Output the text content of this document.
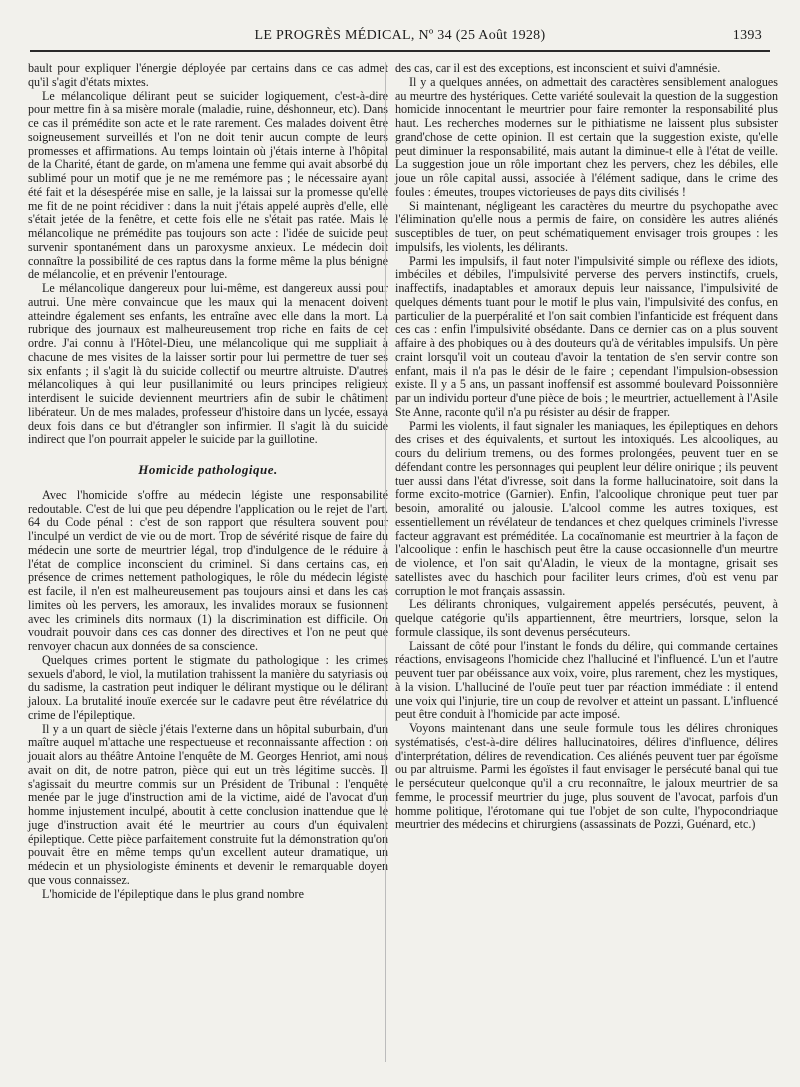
LE PROGRÈS MÉDICAL, Nº 34 (25 Août 1928)	1393

bault pour expliquer l'énergie déployée par certains dans ce cas admet qu'il s'agit d'états mixtes.

Le mélancolique délirant peut se suicider logiquement, c'est-à-dire pour mettre fin à sa misère morale (maladie, ruine, déshonneur, etc). Dans ce cas il prémédite son acte et le rate rarement. Ces malades doivent être soigneusement surveillés et l'on ne doit tenir aucun compte de leurs promesses et affirmations. Au temps lointain où j'étais interne à l'hôpital de la Charité, étant de garde, on m'amena une femme qui avait absorbé du sublimé pour un motif que je ne me remémore pas ; le nécessaire ayant été fait et la désespérée mise en salle, je la laissai sur la promesse qu'elle me fit de ne point récidiver : dans la nuit j'étais appelé auprès d'elle, elle s'était jetée de la fenêtre, et cette fois elle ne s'était pas ratée. Mais le mélancolique ne prémédite pas toujours son acte : l'idée de suicide peut survenir spontanément dans un paroxysme anxieux. Le médecin doit connaître la possibilité de ces raptus dans la forme même la plus bénigne de mélancolie, et en prévenir l'entourage.

Le mélancolique dangereux pour lui-même, est dangereux aussi pour autrui. Une mère convaincue que les maux qui la menacent doivent atteindre également ses enfants, les entraîne avec elle dans la mort. La rubrique des journaux est malheureusement trop riche en faits de cet ordre. J'ai connu à l'Hôtel-Dieu, une mélancolique qui me suppliait à chacune de mes visites de la laisser sortir pour lui permettre de tuer ses six enfants ; il s'agit là du suicide collectif ou meurtre altruiste. D'autres mélancoliques à qui leur pusillanimité ou leurs principes religieux interdisent le suicide deviennent meurtriers afin de subir le châtiment libérateur. Un de mes malades, professeur d'histoire dans un lycée, essaya deux fois dans ce but d'étrangler son infirmier. Il s'agit là du suicide indirect que l'on pourrait appeler le suicide par la guillotine.

Homicide pathologique.

Avec l'homicide s'offre au médecin légiste une responsabilité redoutable. C'est de lui que peu dépendre l'application ou le rejet de l'art. 64 du Code pénal : c'est de son rapport que résultera souvent pour l'inculpé un verdict de vie ou de mort. Trop de sévérité risque de faire du médecin une sorte de meurtrier légal, trop d'indulgence de le réduire à l'état de complice inconscient du criminel. Si dans certains cas, en présence de crimes nettement pathologiques, le rôle du médecin légiste est facile, il n'en est malheureusement pas toujours ainsi et dans les cas limites où les pervers, les amoraux, les invalides moraux se fusionnent avec les criminels dits normaux (1) la discrimination est difficile. On voudrait pouvoir dans ces cas donner des directives et l'on ne peut que renvoyer chacun aux données de sa conscience.

Quelques crimes portent le stigmate du pathologique : les crimes sexuels d'abord, le viol, la mutilation trahissent la manière du satyriasis ou du sadisme, la castration peut indiquer le délirant mystique ou le délirant jaloux. La brutalité inouïe exercée sur le cadavre peut être révélatrice du crime de l'épileptique.

Il y a un quart de siècle j'étais l'externe dans un hôpital suburbain, d'un maître auquel m'attache une respectueuse et reconnaissante affection : on jouait alors au théâtre Antoine l'enquête de M. Georges Henriot, ami nous avait on dit, de notre patron, pièce qui eut un très légitime succès. Il s'agissait du meurtre commis sur un Président de Tribunal : l'enquête menée par le juge d'instruction ami de la victime, aidé de l'avocat d'un homme injustement inculpé, aboutit à cette conclusion inattendue que le juge d'instruction avait été le meurtrier au cours d'un équivalent épileptique. Cette pièce parfaitement construite fut la démonstration qu'on pouvait être en même temps qu'un excellent auteur dramatique, un médecin et un physiologiste éminents et devenir le remarquable doyen que vous connaissez.

L'homicide de l'épileptique dans le plus grand nombre

des cas, car il est des exceptions, est inconscient et suivi d'amnésie.

Il y a quelques années, on admettait des caractères sensiblement analogues au meurtre des hystériques. Cette variété soulevait la question de la suggestion homicide innocentant le meurtrier pour faire remonter la responsabilité plus haut. Les recherches modernes sur le pithiatisme ne laissent plus subsister grand'chose de cette opinion. Il est certain que la suggestion existe, qu'elle peut diminuer la responsabilité, mais autant la diminue-t elle à l'état de veille. La suggestion joue un rôle important chez les pervers, chez les débiles, elle joue un rôle capital aussi, associée à l'élément sadique, dans le crime des foules : émeutes, troupes victorieuses de pays dits civilisés !

Si maintenant, négligeant les caractères du meurtre du psychopathe avec l'élimination qu'elle nous a permis de faire, on considère les autres aliénés susceptibles de tuer, on peut schématiquement envisager trois groupes : les impulsifs, les violents, les délirants.

Parmi les impulsifs, il faut noter l'impulsivité simple ou réflexe des idiots, imbéciles et débiles, l'impulsivité perverse des pervers instinctifs, cruels, inaffectifs, inadaptables et amoraux depuis leur naissance, l'impulsivité de quelques déments tuant pour le motif le plus vain, l'impulsivité des confus, en particulier de la puerpéralité et l'on sait combien l'infanticide est fréquent dans ces cas : enfin l'impulsivité obsédante. Dans ce dernier cas on a plus souvent affaire à des phobiques ou à des douteurs qu'à de véritables impulsifs. Un père craint lorsqu'il voit un couteau d'avoir la tentation de s'en servir contre son enfant, mais il n'a pas le désir de le faire ; cependant l'impulsion-obsession existe. Il y a 5 ans, un passant inoffensif est assommé boulevard Poissonnière par un individu porteur d'une pièce de bois ; le meurtrier, actuellement à l'Asile Ste Anne, raconte qu'il n'a pu résister au désir de frapper.

Parmi les violents, il faut signaler les maniaques, les épileptiques en dehors des crises et des équivalents, et surtout les intoxiqués. Les alcooliques, au cours du delirium tremens, ou des formes prolongées, peuvent tuer en se défendant contre les personnages qui peuplent leur délire onirique ; ils peuvent tuer aussi dans l'état d'ivresse, soit dans la forme hallucinatoire, soit dans la forme excito-motrice (Garnier). Enfin, l'alcoolique chronique peut tuer par besoin, amoralité ou jalousie. L'alcool comme les autres toxiques, est essentiellement un révélateur de tendances et chez quelques criminels l'ivresse facteur aggravant est préméditée. La cocaïnomanie est meurtrier à la façon de l'alcoolique : enfin le haschisch peut être la cause occasionnelle d'un meurtre de violence, et l'on sait qu'Aladin, le vieux de la montagne, grisait ses satellistes avec du haschich pour faciliter leurs crimes, d'où est venu par corruption le mot français assassin.

Les délirants chroniques, vulgairement appelés persécutés, peuvent, à quelque catégorie qu'ils appartiennent, être meurtriers, lorsque, selon la formule classique, ils sont devenus persécuteurs.

Laissant de côté pour l'instant le fonds du délire, qui commande certaines réactions, envisageons l'homicide chez l'halluciné et l'influencé. L'un et l'autre peuvent tuer par obéissance aux voix, voire, plus rarement, chez les mystiques, à la vision. L'halluciné de l'ouïe peut tuer par réaction immédiate : il entend une voix qui l'injurie, tire un coup de revolver et atteint un passant. L'influencé peut être conduit à l'homicide par acte imposé.

Voyons maintenant dans une seule formule tous les délires chroniques systématisés, c'est-à-dire délires hallucinatoires, délires d'influence, délires d'interprétation, délires de revendication. Ces aliénés peuvent tuer par égoïsme ou par altruisme. Parmi les égoïstes il faut envisager le persécuté banal qui tue le persécuteur quelconque qu'il a cru reconnaître, le jaloux meurtrier de sa femme, le processif meurtrier du juge, plus souvent de l'avocat, parfois d'un homme politique, l'érotomane qui tue l'objet de son culte, l'hypocondriaque meurtrier des médecins et chirurgiens (assassinats de Pozzi, Guénard, etc.)
